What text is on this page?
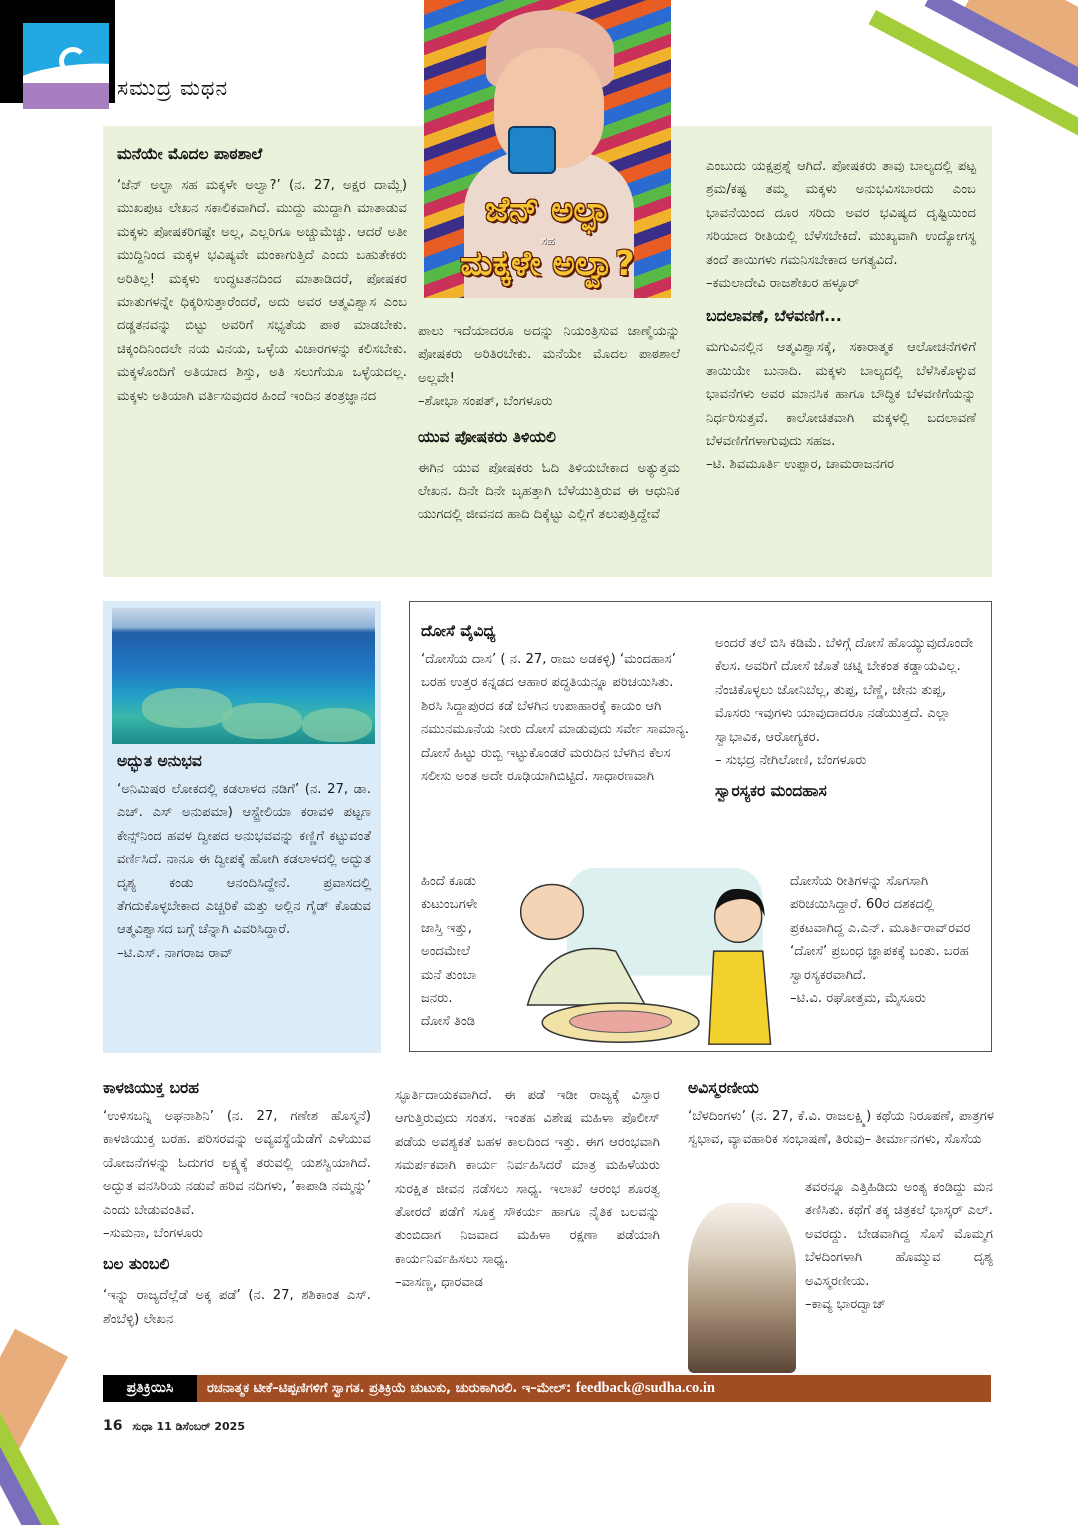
ಸಮುದ್ರ ಮಥನ
ಜೆನ್ ಅಲ್ಫಾ
ಸಹ
ಮಕ್ಕಳೇ ಅಲ್ವಾ?
ಮನೆಯೇ ಮೊದಲ ಪಾಠಶಾಲೆ

‘ಜೆನ್ ಅಲ್ಫಾ ಸಹ ಮಕ್ಕಳೇ ಅಲ್ವಾ?’ (ನ. 27, ಅಕ್ಷರ ದಾಮ್ಲೆ) ಮುಖಪುಟ ಲೇಖನ ಸಕಾಲಿಕವಾಗಿದೆ. ಮುದ್ದು ಮುದ್ದಾಗಿ ಮಾತಾಡುವ ಮಕ್ಕಳು ಪೋಷಕರಿಗಷ್ಟೇ ಅಲ್ಲ, ಎಲ್ಲರಿಗೂ ಅಚ್ಚುಮೆಚ್ಚು. ಆದರೆ ಅತೀ ಮುದ್ದಿನಿಂದ ಮಕ್ಕಳ ಭವಿಷ್ಯವೇ ಮಂಕಾಗುತ್ತಿದೆ ಎಂದು ಬಹುತೇಕರು ಅರಿತಿಲ್ಲ! ಮಕ್ಕಳು ಉದ್ಧಟತನದಿಂದ ಮಾತಾಡಿದರೆ, ಪೋಷಕರ ಮಾತುಗಳನ್ನೇ ಧಿಕ್ಕರಿಸುತ್ತಾರೆಂದರೆ, ಅದು ಅವರ ಆತ್ಮವಿಶ್ವಾಸ ಎಂಬ ದಡ್ಡತನವನ್ನು ಬಿಟ್ಟು ಅವರಿಗೆ ಸಭ್ಯತೆಯ ಪಾಠ ಮಾಡಬೇಕು. ಚಿಕ್ಕಂದಿನಿಂದಲೇ ನಯ ವಿನಯ, ಒಳ್ಳೆಯ ವಿಚಾರಗಳನ್ನು ಕಲಿಸಬೇಕು. ಮಕ್ಕಳೊಂದಿಗೆ ಅತಿಯಾದ ಶಿಸ್ತು, ಅತಿ ಸಲುಗೆಯೂ ಒಳ್ಳೆಯದಲ್ಲ. ಮಕ್ಕಳು ಅತಿಯಾಗಿ ವರ್ತಿಸುವುದರ ಹಿಂದೆ ಇಂದಿನ ತಂತ್ರಜ್ಞಾನದ

ಪಾಲು ಇದೆಯಾದರೂ ಅದನ್ನು ನಿಯಂತ್ರಿಸುವ ಜಾಣ್ಮೆಯನ್ನು ಪೋಷಕರು ಅರಿತಿರಬೇಕು. ಮನೆಯೇ ಮೊದಲ ಪಾಠಶಾಲೆ ಅಲ್ಲವೇ!

–ಶೋಭಾ ಸಂಪತ್, ಬೆಂಗಳೂರು

ಯುವ ಪೋಷಕರು ತಿಳಿಯಲಿ

ಈಗಿನ ಯುವ ಪೋಷಕರು ಓದಿ ತಿಳಿಯಬೇಕಾದ ಅತ್ಯುತ್ತಮ ಲೇಖನ. ದಿನೇ ದಿನೇ ಬೃಹತ್ತಾಗಿ ಬೆಳೆಯುತ್ತಿರುವ ಈ ಆಧುನಿಕ ಯುಗದಲ್ಲಿ ಜೀವನದ ಹಾದಿ ದಿಕ್ಕೆಟ್ಟು ಎಲ್ಲಿಗೆ ತಲುಪುತ್ತಿದ್ದೇವೆ

ಎಂಬುದು ಯಕ್ಷಪ್ರಶ್ನೆ ಆಗಿದೆ. ಪೋಷಕರು ತಾವು ಬಾಲ್ಯದಲ್ಲಿ ಪಟ್ಟ ಶ್ರಮ/ಕಷ್ಟ ತಮ್ಮ ಮಕ್ಕಳು ಅನುಭವಿಸಬಾರದು ಎಂಬ ಭಾವನೆಯಿಂದ ದೂರ ಸರಿದು ಅವರ ಭವಿಷ್ಯದ ದೃಷ್ಟಿಯಿಂದ ಸರಿಯಾದ ರೀತಿಯಲ್ಲಿ ಬೆಳೆಸಬೇಕಿದೆ. ಮುಖ್ಯವಾಗಿ ಉದ್ಯೋಗಸ್ಥ ತಂದೆ ತಾಯಿಗಳು ಗಮನಿಸಬೇಕಾದ ಅಗತ್ಯವಿದೆ.

–ಕಮಲಾದೇವಿ ರಾಜಶೇಖರ ಹಳ್ಳೂರ್

ಬದಲಾವಣೆ, ಬೆಳವಣಿಗೆ...

ಮಗುವಿನಲ್ಲಿನ ಆತ್ಮವಿಶ್ವಾಸಕ್ಕೆ, ಸಕಾರಾತ್ಮಕ ಆಲೋಚನೆಗಳಿಗೆ ತಾಯಿಯೇ ಬುನಾದಿ. ಮಕ್ಕಳು ಬಾಲ್ಯದಲ್ಲಿ ಬೆಳೆಸಿಕೊಳ್ಳುವ ಭಾವನೆಗಳು ಅವರ ಮಾನಸಿಕ ಹಾಗೂ ಬೌದ್ಧಿಕ ಬೆಳವಣಿಗೆಯನ್ನು ನಿರ್ಧರಿಸುತ್ತವೆ. ಕಾಲೋಚಿತವಾಗಿ ಮಕ್ಕಳಲ್ಲಿ ಬದಲಾವಣೆ ಬೆಳವಣಿಗೆಗಳಾಗುವುದು ಸಹಜ.

–ಟಿ. ಶಿವಮೂರ್ತಿ ಉಪ್ಪಾರ, ಚಾಮರಾಜನಗರ

ಅದ್ಭುತ ಅನುಭವ

‘ಅನಿಮಿಷರ ಲೋಕದಲ್ಲಿ ಕಡಲಾಳದ ನಡಿಗೆ’ (ನ. 27, ಡಾ. ಎಚ್. ಎಸ್ ಅನುಪಮಾ) ಆಸ್ಟ್ರೇಲಿಯಾ ಕರಾವಳಿ ಪಟ್ಟಣ ಕೇನ್ಸ್‌ನಿಂದ ಹವಳ ದ್ವೀಪದ ಅನುಭವವನ್ನು ಕಣ್ಣಿಗೆ ಕಟ್ಟುವಂತೆ ವರ್ಣಿಸಿದೆ. ನಾನೂ ಈ ದ್ವೀಪಕ್ಕೆ ಹೋಗಿ ಕಡಲಾಳದಲ್ಲಿ ಅದ್ಭುತ ದೃಶ್ಯ ಕಂಡು ಆನಂದಿಸಿದ್ದೇನೆ. ಪ್ರವಾಸದಲ್ಲಿ ತೆಗದುಕೊಳ್ಳಬೇಕಾದ ಎಚ್ಚರಿಕೆ ಮತ್ತು ಅಲ್ಲಿನ ಗೈಡ್ ಕೊಡುವ ಆತ್ಮವಿಶ್ವಾಸದ ಬಗ್ಗೆ ಚೆನ್ನಾಗಿ ವಿವರಿಸಿದ್ದಾರೆ.

–ಟಿ.ಎಸ್. ನಾಗರಾಜ ರಾವ್

ದೋಸೆ ವೈವಿಧ್ಯ

‘ದೋಸೆಯ ದಾಸ’ ( ನ. 27, ರಾಜು ಅಡಕಳ್ಳಿ) ‘ಮಂದಹಾಸ’ ಬರಹ ಉತ್ತರ ಕನ್ನಡದ ಆಹಾರ ಪದ್ಧತಿಯನ್ನೂ ಪರಿಚಯಿಸಿತು. ಶಿರಸಿ ಸಿದ್ದಾಪುರದ ಕಡೆ ಬೆಳಗಿನ ಉಪಾಹಾರಕ್ಕೆ ಕಾಯಂ ಆಗಿ ನಮುನಮೂನೆಯ ನೀರು ದೋಸೆ ಮಾಡುವುದು ಸರ್ವೇ ಸಾಮಾನ್ಯ. ದೋಸೆ ಹಿಟ್ಟು ರುಬ್ಬಿ ಇಟ್ಟುಕೊಂಡರೆ ಮರುದಿನ ಬೆಳಗಿನ ಕೆಲಸ ಸಲೀಸು ಅಂತ ಅದೇ ರೂಢಿಯಾಗಿಬಿಟ್ಟಿದೆ. ಸಾಧಾರಣವಾಗಿ

ಹಿಂದೆ ಕೂಡು
ಕುಟುಂಬಗಳೇ
ಜಾಸ್ತಿ ಇತ್ತು,
ಅಂದಮೇಲೆ
ಮನೆ ತುಂಬಾ
ಜನರು.
ದೋಸೆ ತಿಂಡಿ

ಅಂದರೆ ತಲೆ ಬಿಸಿ ಕಡಿಮೆ. ಬೆಳಿಗ್ಗೆ ದೋಸೆ ಹೊಯ್ಯುವುದೊಂದೇ ಕೆಲಸ. ಅವರಿಗೆ ದೋಸೆ ಜೊತೆ ಚಟ್ನಿ ಬೇಕಂತ ಕಡ್ಡಾಯವಿಲ್ಲ. ನೆಂಚಿಕೊಳ್ಳಲು ಜೋನಿಬೆಲ್ಲ, ತುಪ್ಪ, ಬೆಣ್ಣೆ, ಜೇನು ತುಪ್ಪ, ಮೊಸರು ಇವುಗಳು ಯಾವುದಾದರೂ ನಡೆಯುತ್ತದೆ. ಎಲ್ಲಾ ಸ್ವಾಭಾವಿಕ, ಆರೋಗ್ಯಕರ.

– ಸುಭದ್ರ ನೇಗಿಲೋಣಿ, ಬೆಂಗಳೂರು

ಸ್ವಾರಸ್ಯಕರ ಮಂದಹಾಸ

ದೋಸೆಯ ರೀತಿಗಳನ್ನು ಸೊಗಸಾಗಿ ಪರಿಚಯಿಸಿದ್ದಾರೆ. 60ರ ದಶಕದಲ್ಲಿ ಪ್ರಕಟವಾಗಿದ್ದ ಎ.ಎನ್. ಮೂರ್ತಿರಾವ್‌ರವರ ‘ದೋಸೆ’ ಪ್ರಬಂಧ ಜ್ಞಾಪಕಕ್ಕೆ ಬಂತು. ಬರಹ ಸ್ವಾರಸ್ಯಕರವಾಗಿದೆ.

–ಟಿ.ವಿ. ರಘೋತ್ತಮ, ಮೈಸೂರು

ಕಾಳಜಿಯುಕ್ತ ಬರಹ

‘ಉಳಿಸಬನ್ನಿ ಅಘನಾಶಿನಿ’ (ನ. 27, ಗಣೇಶ ಹೊಸ್ಮನೆ) ಕಾಳಜಿಯುಕ್ತ ಬರಹ. ಪರಿಸರವನ್ನು ಅವ್ಯವಸ್ಥೆಯೆಡೆಗೆ ಎಳೆಯುವ ಯೋಜನೆಗಳನ್ನು ಓದುಗರ ಲಕ್ಷ್ಯಕ್ಕೆ ತರುವಲ್ಲಿ ಯಶಸ್ವಿಯಾಗಿದೆ. ಅದ್ಭುತ ವನಸಿರಿಯ ನಡುವೆ ಹರಿವ ನದಿಗಳು, ‘ಕಾಪಾಡಿ ನಮ್ಮನ್ನು’ ಎಂದು ಬೇಡುವಂತಿವೆ.

–ಸುಮನಾ, ಬೆಂಗಳೂರು

ಬಲ ತುಂಬಲಿ

‘ಇನ್ನು ರಾಜ್ಯದೆಲ್ಲೆಡೆ ಅಕ್ಕ ಪಡೆ’ (ನ. 27, ಶಶಿಕಾಂತ ಎಸ್. ಶೆಂಬೆಳ್ಳಿ) ಲೇಖನ

ಸ್ಫೂರ್ತಿದಾಯಕವಾಗಿದೆ. ಈ ಪಡೆ ಇಡೀ ರಾಜ್ಯಕ್ಕೆ ವಿಸ್ತಾರ ಆಗುತ್ತಿರುವುದು ಸಂತಸ. ಇಂತಹ ವಿಶೇಷ ಮಹಿಳಾ ಪೊಲೀಸ್ ಪಡೆಯ ಅವಶ್ಯಕತೆ ಬಹಳ ಕಾಲದಿಂದ ಇತ್ತು. ಈಗ ಆರಂಭವಾಗಿ ಸಮರ್ಪಕವಾಗಿ ಕಾರ್ಯ ನಿರ್ವಹಿಸಿದರೆ ಮಾತ್ರ ಮಹಿಳೆಯರು ಸುರಕ್ಷಿತ ಜೀವನ ನಡೆಸಲು ಸಾಧ್ಯ. ಇಲಾಖೆ ಆರಂಭ ಶೂರತ್ವ ತೋರದೆ ಪಡೆಗೆ ಸೂಕ್ತ ಸೌಕರ್ಯ ಹಾಗೂ ನೈತಿಕ ಬಲವನ್ನು ತುಂಬಿದಾಗ ನಿಜವಾದ ಮಹಿಳಾ ರಕ್ಷಣಾ ಪಡೆಯಾಗಿ ಕಾರ್ಯನಿರ್ವಹಿಸಲು ಸಾಧ್ಯ.

–ವಾಸಣ್ಣ, ಧಾರವಾಡ

ಅವಿಸ್ಮರಣೀಯ

‘ಬೆಳದಿಂಗಳು’ (ನ. 27, ಕೆ.ವಿ. ರಾಜಲಕ್ಷ್ಮಿ) ಕಥೆಯ ನಿರೂಪಣೆ, ಪಾತ್ರಗಳ ಸ್ವಭಾವ, ವ್ಯಾವಹಾರಿಕ ಸಂಭಾಷಣೆ, ತಿರುವು– ತೀರ್ಮಾನಗಳು, ಸೊಸೆಯ

ತವರನ್ನೂ ಎತ್ತಿಹಿಡಿದು ಅಂತ್ಯ ಕಂಡಿದ್ದು ಮನ ತಣಿಸಿತು. ಕಥೆಗೆ ತಕ್ಕ ಚಿತ್ರಕಲೆ ಭಾಸ್ಕರ್ ಎಲ್. ಅವರದ್ದು. ಬೇಡವಾಗಿದ್ದ ಸೊಸೆ ಮೊಮ್ಮಗ ಬೆಳದಿಂಗಳಾಗಿ ಹೊಮ್ಮುವ ದೃಶ್ಯ ಅವಿಸ್ಮರಣೀಯ.

–ಕಾವ್ಯ ಭಾರದ್ವಾಜ್

ಪ್ರತಿಕ್ರಿಯಿಸಿ	ರಚನಾತ್ಮಕ ಟೀಕೆ–ಟಿಪ್ಪಣಿಗಳಿಗೆ ಸ್ವಾಗತ. ಪ್ರತಿಕ್ರಿಯೆ ಚುಟುಕು, ಚುರುಕಾಗಿರಲಿ. ಇ–ಮೇಲ್: feedback@sudha.co.in
16 ಸುಧಾ 11 ಡಿಸೆಂಬರ್ 2025
